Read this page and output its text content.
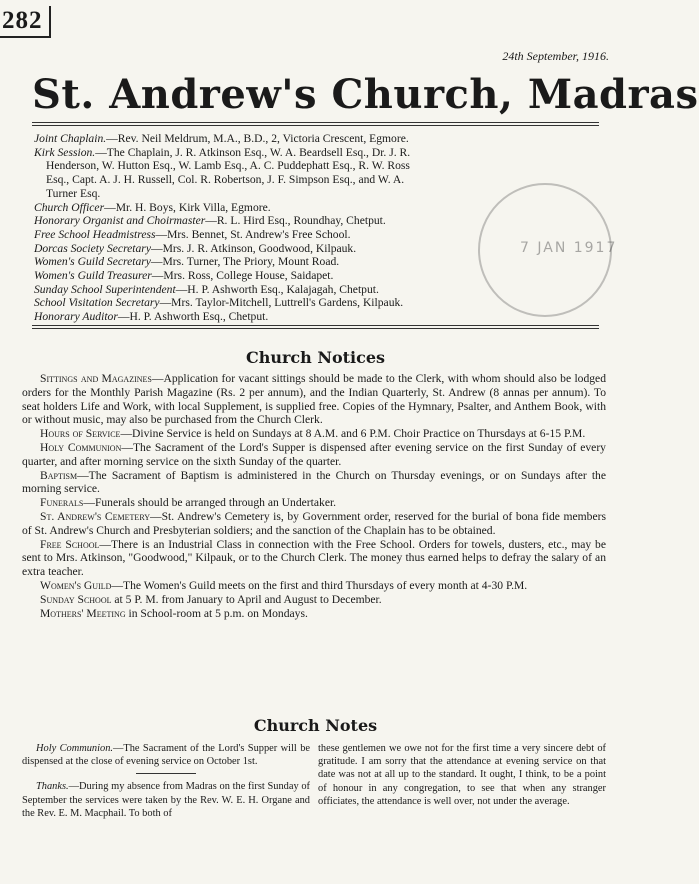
282
24th September, 1916.
St. Andrew's Church, Madras
Joint Chaplain.—Rev. Neil Meldrum, M.A., B.D., 2, Victoria Crescent, Egmore.
Kirk Session.—The Chaplain, J. R. Atkinson Esq., W. A. Beardsell Esq., Dr. J. R.
Henderson, W. Hutton Esq., W. Lamb Esq., A. C. Puddephatt Esq., R. W. Ross
Esq., Capt. A. J. H. Russell, Col. R. Robertson, J. F. Simpson Esq., and W. A.
Turner Esq.
Church Officer—Mr. H. Boys, Kirk Villa, Egmore.
Honorary Organist and Choirmaster—R. L. Hird Esq., Roundhay, Chetput.
Free School Headmistress—Mrs. Bennet, St. Andrew's Free School.
Dorcas Society Secretary—Mrs. J. R. Atkinson, Goodwood, Kilpauk.
Women's Guild Secretary—Mrs. Turner, The Priory, Mount Road.
Women's Guild Treasurer—Mrs. Ross, College House, Saidapet.
Sunday School Superintendent—H. P. Ashworth Esq., Kalajagah, Chetput.
School Visitation Secretary—Mrs. Taylor-Mitchell, Luttrell's Gardens, Kilpauk.
Honorary Auditor—H. P. Ashworth Esq., Chetput.
7 JAN 1917
Church Notices

Sittings and Magazines—Application for vacant sittings should be made to the Clerk, with whom should also be lodged orders for the Monthly Parish Magazine (Rs. 2 per annum), and the Indian Quarterly, St. Andrew (8 annas per annum). To seat holders Life and Work, with local Supplement, is supplied free. Copies of the Hymnary, Psalter, and Anthem Book, with or without music, may also be purchased from the Church Clerk.

Hours of Service—Divine Service is held on Sundays at 8 A.M. and 6 P.M. Choir Practice on Thursdays at 6-15 P.M.

Holy Communion—The Sacrament of the Lord's Supper is dispensed after evening service on the first Sunday of every quarter, and after morning service on the sixth Sunday of the quarter.

Baptism—The Sacrament of Baptism is administered in the Church on Thursday evenings, or on Sundays after the morning service.

Funerals—Funerals should be arranged through an Undertaker.

St. Andrew's Cemetery—St. Andrew's Cemetery is, by Government order, reserved for the burial of bona fide members of St. Andrew's Church and Presbyterian soldiers; and the sanction of the Chaplain has to be obtained.

Free School—There is an Industrial Class in connection with the Free School. Orders for towels, dusters, etc., may be sent to Mrs. Atkinson, "Goodwood," Kilpauk, or to the Church Clerk. The money thus earned helps to defray the salary of an extra teacher.

Women's Guild—The Women's Guild meets on the first and third Thursdays of every month at 4-30 P.M.

Sunday School at 5 P. M. from January to April and August to December.

Mothers' Meeting in School-room at 5 p.m. on Mondays.

Church Notes

Holy Communion.—The Sacrament of the Lord's Supper will be dispensed at the close of evening service on October 1st.

Thanks.—During my absence from Madras on the first Sunday of September the services were taken by the Rev. W. E. H. Organe and the Rev. E. M. Macphail. To both of

these gentlemen we owe not for the first time a very sincere debt of gratitude. I am sorry that the attendance at evening service on that date was not at all up to the standard. It ought, I think, to be a point of honour in any congregation, to see that when any stranger officiates, the attendance is well over, not under the average.
